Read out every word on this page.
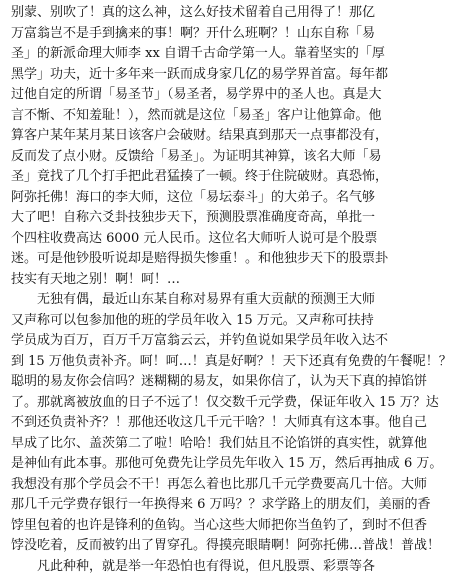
别蒙、别吹了！真的这么神，这么好技术留着自己用得了！那亿
万富翁岂不是手到擒来的事！啊？开什么班啊？！山东自称「易
圣」的新派命理大师李 xx 自谓千古命学第一人。靠着坚实的「厚
黑学」功夫，近十多年来一跃而成身家几亿的易学界首富。每年都
过他自定的所谓「易圣节」（易圣者，易学界中的圣人也。真是大
言不惭、不知羞耻！），然而就是这位「易圣」客户让他算命。他
算客户某年某月某日该客户会破财。结果真到那天一点事都没有，
反而发了点小财。反馈给「易圣」。为证明其神算，该名大师「易
圣」竟找了几个打手把此君猛揍了一顿。终于住院破财。真恐怖，
阿弥托佛！海口的李大师，这位「易坛泰斗」的大弟子。名气够
大了吧！自称六爻卦技独步天下，预测股票准确度奇高，单批一
个四柱收费高达 6000 元人民币。这位名大师听人说可是个股票
迷。可是他钞股听说却是赔得损失惨重！。和他独步天下的股票卦
技实有天地之别！啊！呵！…
无独有偶，最近山东某自称对易界有重大贡献的预测王大师
又声称可以包参加他的班的学员年收入 15 万元。又声称可扶持
学员成为百万，百万千万富翁云云，并钓鱼说如果学员年收入达不
到 15 万他负责补齐。呵！呵…！真是好啊？！天下还真有免费的午餐呢！？
聪明的易友你会信吗？迷糊糊的易友，如果你信了，认为天下真的掉馅饼
了。那就离被放血的日子不远了！仅交数千元学费，保证年收入 15 万？达
不到还负责补齐？！那他还收这几千元干啥？！大师真有这本事。他自己
早成了比尔、盖茨第二了啦！哈哈！我们姑且不论馅饼的真实性，就算他
是神仙有此本事。那他可免费先让学员先年收入 15 万，然后再抽成 6 万。
我想没有那个学员会不干！再怎么着也比那几千元学费要高几十倍。大师
那几千元学费存银行一年换得来 6 万吗？？求学路上的朋友们，美丽的香
饽里包着的也许是锋利的鱼钩。当心这些大师把你当鱼钓了，到时不但香
饽没吃着，反而被钓出了胃穿孔。得摸亮眼睛啊！阿弥托佛…普战！普战！
凡此种种，就是举一年恐怕也有得说，但凡股票、彩票等各
